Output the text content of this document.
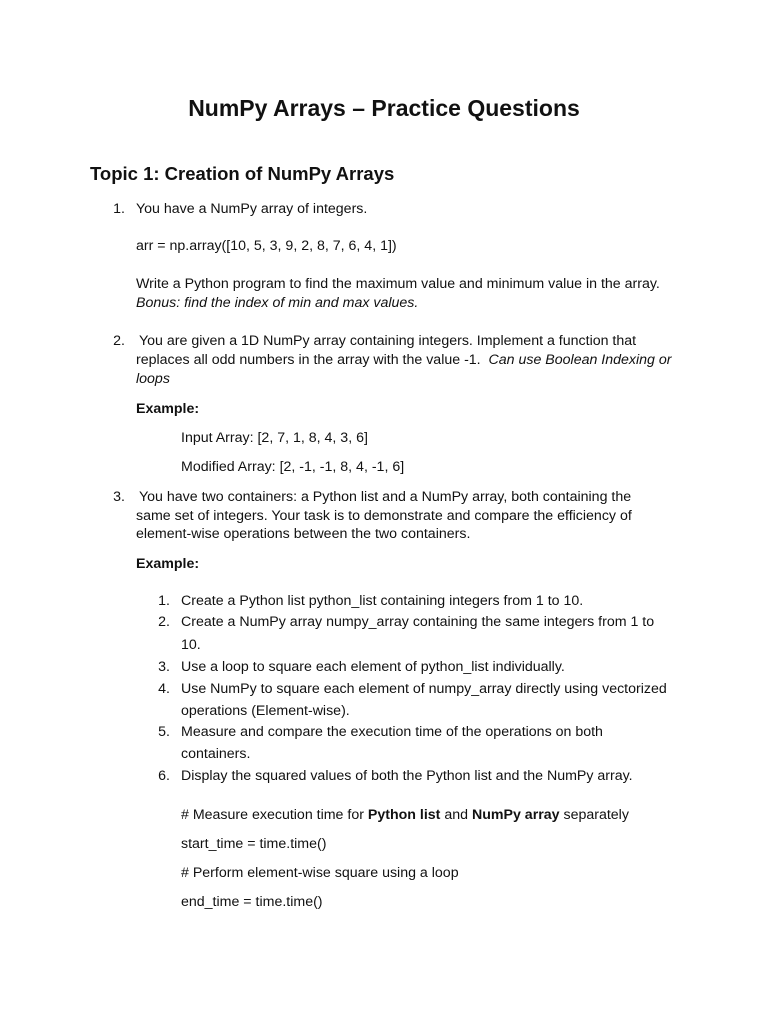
NumPy Arrays – Practice Questions
Topic 1: Creation of NumPy Arrays
1. You have a NumPy array of integers.
arr = np.array([10, 5, 3, 9, 2, 8, 7, 6, 4, 1])
Write a Python program to find the maximum value and minimum value in the array.
Bonus: find the index of min and max values.
2. You are given a 1D NumPy array containing integers. Implement a function that
replaces all odd numbers in the array with the value -1. Can use Boolean Indexing or
loops
Example:
Input Array: [2, 7, 1, 8, 4, 3, 6]
Modified Array: [2, -1, -1, 8, 4, -1, 6]
3. You have two containers: a Python list and a NumPy array, both containing the
same set of integers. Your task is to demonstrate and compare the efficiency of
element-wise operations between the two containers.
Example:
1. Create a Python list python_list containing integers from 1 to 10.
2. Create a NumPy array numpy_array containing the same integers from 1 to
10.
3. Use a loop to square each element of python_list individually.
4. Use NumPy to square each element of numpy_array directly using vectorized
operations (Element-wise).
5. Measure and compare the execution time of the operations on both
containers.
6. Display the squared values of both the Python list and the NumPy array.
# Measure execution time for Python list and NumPy array separately
start_time = time.time()
# Perform element-wise square using a loop
end_time = time.time()
